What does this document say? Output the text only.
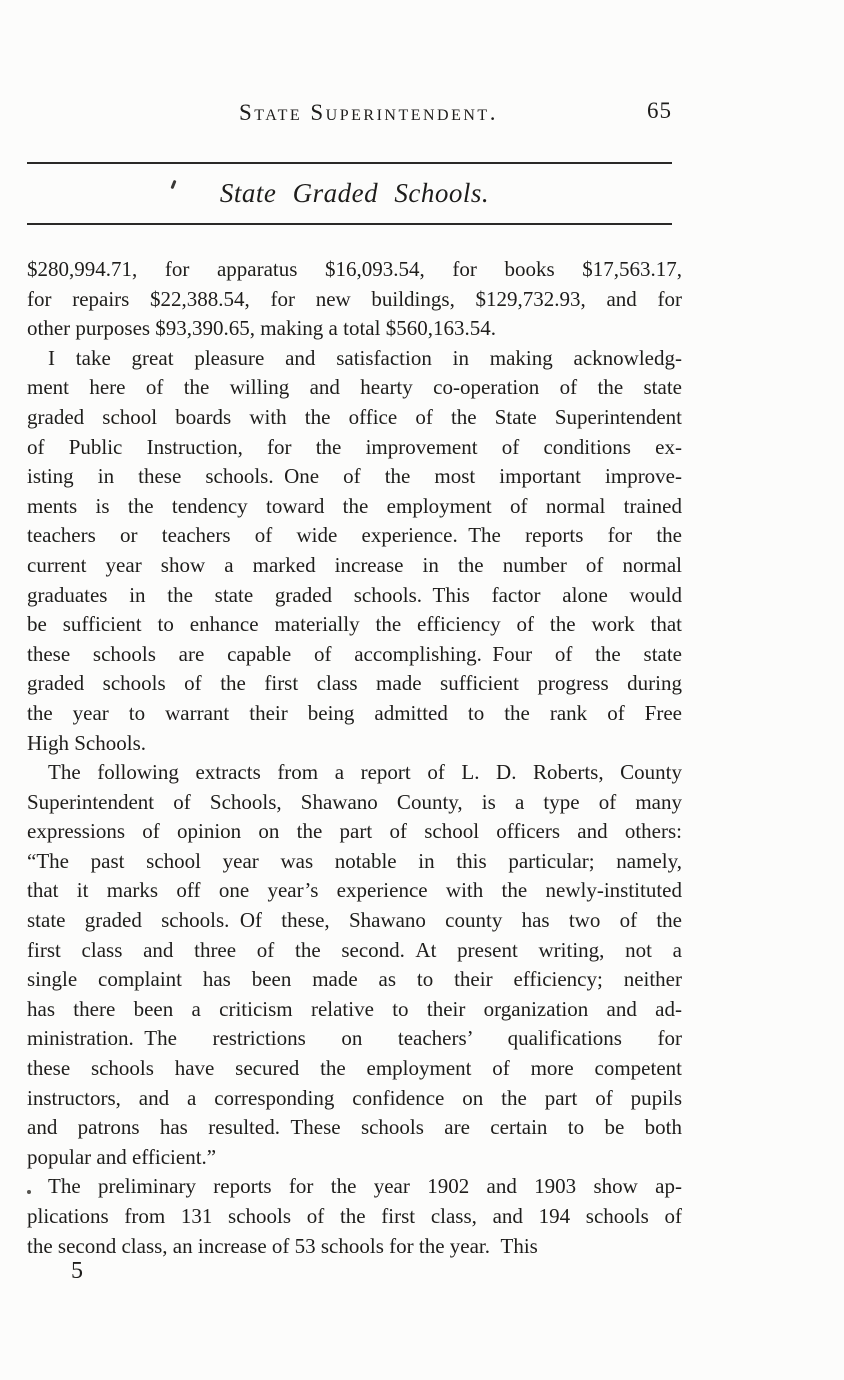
State Superintendent.	65
State Graded Schools.
$280,994.71, for apparatus $16,093.54, for books $17,563.17,
for repairs $22,388.54, for new buildings, $129,732.93, and for
other purposes $93,390.65, making a total $560,163.54.
I take great pleasure and satisfaction in making acknowledg-
ment here of the willing and hearty co-operation of the state
graded school boards with the office of the State Superintendent
of Public Instruction, for the improvement of conditions ex-
isting in these schools. One of the most important improve-
ments is the tendency toward the employment of normal trained
teachers or teachers of wide experience. The reports for the
current year show a marked increase in the number of normal
graduates in the state graded schools. This factor alone would
be sufficient to enhance materially the efficiency of the work that
these schools are capable of accomplishing. Four of the state
graded schools of the first class made sufficient progress during
the year to warrant their being admitted to the rank of Free
High Schools.
The following extracts from a report of L. D. Roberts, County
Superintendent of Schools, Shawano County, is a type of many
expressions of opinion on the part of school officers and others:
“The past school year was notable in this particular; namely,
that it marks off one year’s experience with the newly-instituted
state graded schools. Of these, Shawano county has two of the
first class and three of the second. At present writing, not a
single complaint has been made as to their efficiency; neither
has there been a criticism relative to their organization and ad-
ministration. The restrictions on teachers’ qualifications for
these schools have secured the employment of more competent
instructors, and a corresponding confidence on the part of pupils
and patrons has resulted. These schools are certain to be both
popular and efficient.”
The preliminary reports for the year 1902 and 1903 show ap-
plications from 131 schools of the first class, and 194 schools of
the second class, an increase of 53 schools for the year. This
5
